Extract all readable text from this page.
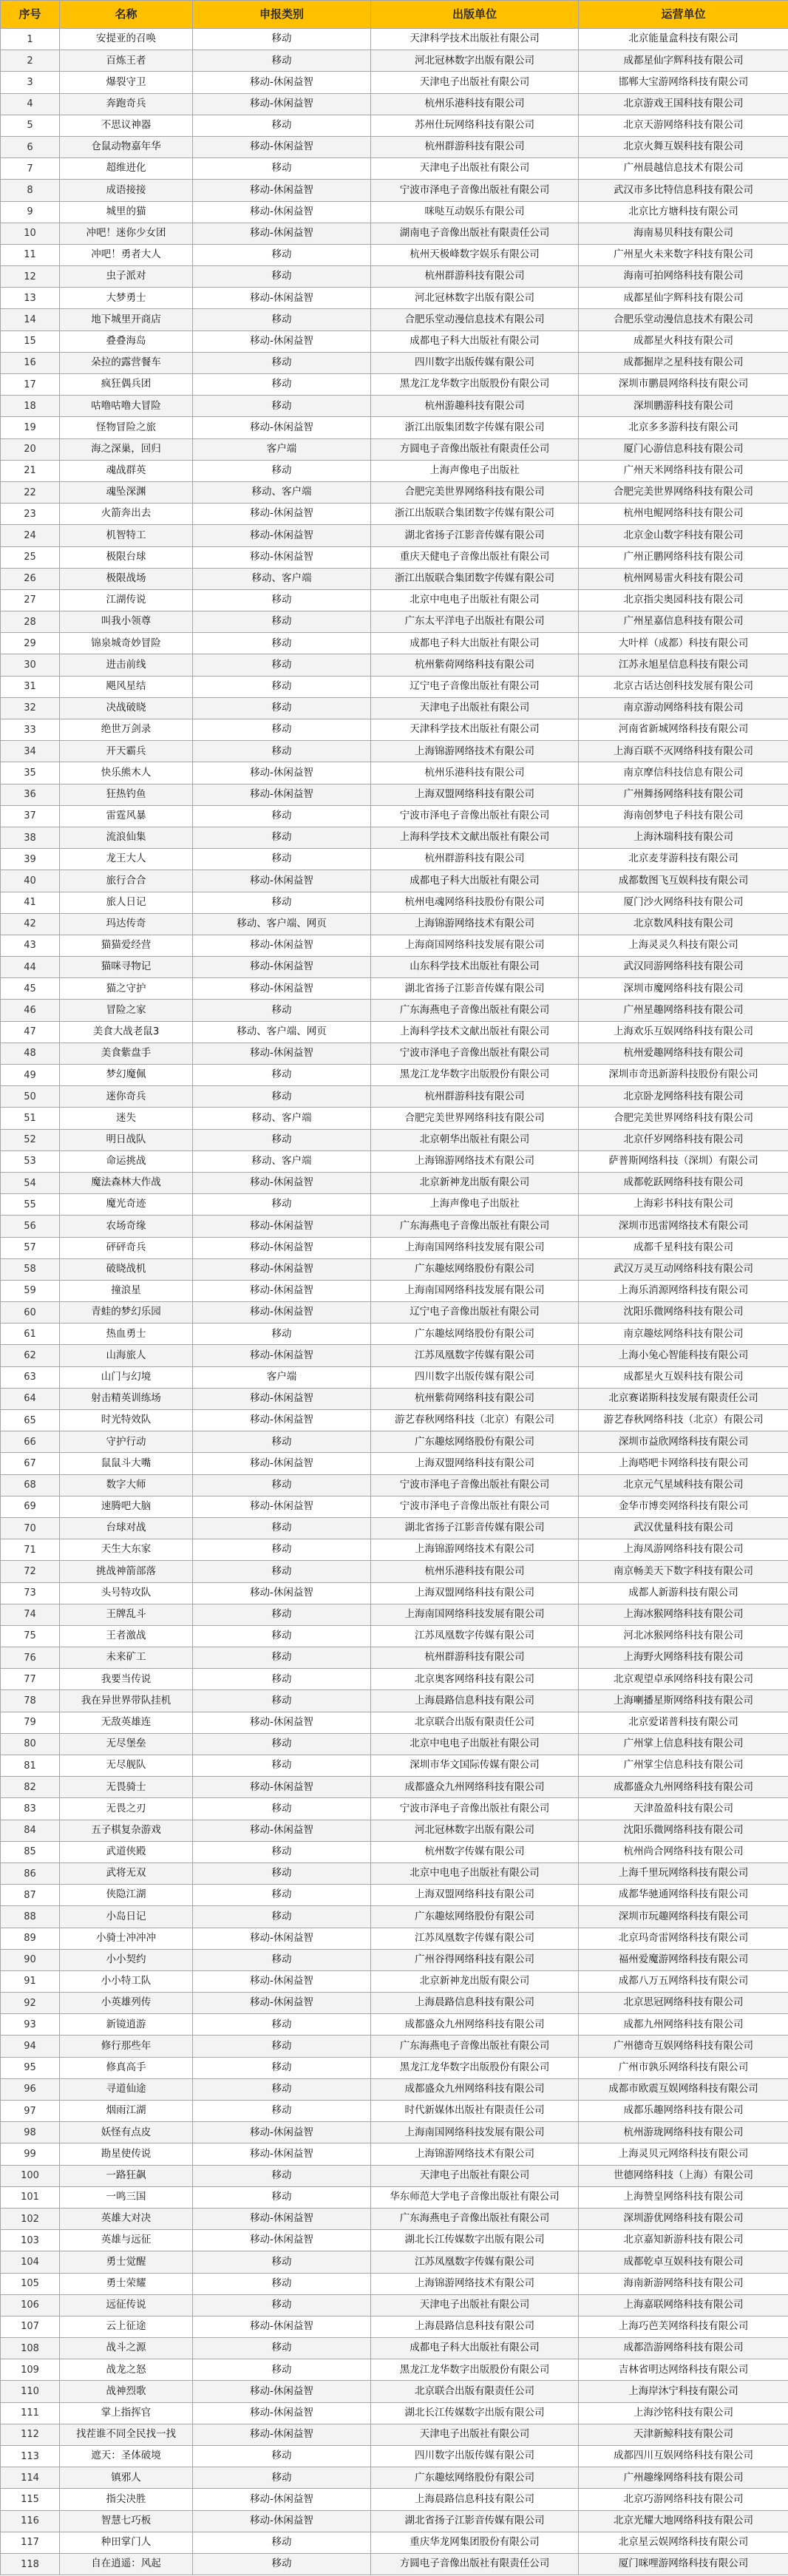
序号	名称	申报类别	出版单位	运营单位
1	安提亚的召唤	移动	天津科学技术出版社有限公司	北京能量盒科技有限公司
2	百炼王者	移动	河北冠林数字出版有限公司	成都星仙字辉科技有限公司
3	爆裂守卫	移动-休闲益智	天津电子出版社有限公司	邯郸大宝游网络科技有限公司
4	奔跑奇兵	移动-休闲益智	杭州乐港科技有限公司	北京游戏王国科技有限公司
5	不思议神器	移动	苏州仕玩网络科技有限公司	北京天游网络科技有限公司
6	仓鼠动物嘉年华	移动-休闲益智	杭州群游科技有限公司	北京火舞互娱科技有限公司
7	超维进化	移动	天津电子出版社有限公司	广州晨越信息技术有限公司
8	成语接接	移动-休闲益智	宁波市泽电子音像出版社有限公司	武汉市多比特信息科技有限公司
9	城里的猫	移动-休闲益智	咪哒互动娱乐有限公司	北京比方塘科技有限公司
10	冲吧！迷你少女团	移动-休闲益智	湖南电子音像出版社有限责任公司	海南易贝科技有限公司
11	冲吧！勇者大人	移动	杭州天极峰数字娱乐有限公司	广州星火未来数字科技有限公司
12	虫子派对	移动	杭州群游科技有限公司	海南可拍网络科技有限公司
13	大梦勇士	移动-休闲益智	河北冠林数字出版有限公司	成都星仙字辉科技有限公司
14	地下城里开商店	移动	合肥乐堂动漫信息技术有限公司	合肥乐堂动漫信息技术有限公司
15	叠叠海岛	移动-休闲益智	成都电子科大出版社有限公司	成都星火科技有限公司
16	朵拉的露营餐车	移动	四川数字出版传媒有限公司	成都掘岸之星科技有限公司
17	疯狂偶兵团	移动	黑龙江龙华数字出版股份有限公司	深圳市鹏晨网络科技有限公司
18	咕噜咕噜大冒险	移动	杭州游趣科技有限公司	深圳鹏游科技有限公司
19	怪物冒险之旅	移动-休闲益智	浙江出版集团数字传媒有限公司	北京多多游科技有限公司
20	海之深巢，回归	客户端	方圆电子音像出版社有限责任公司	厦门心游信息科技有限公司
21	魂战群英	移动	上海声像电子出版社	广州天米网络科技有限公司
22	魂坠深渊	移动、客户端	合肥完美世界网络科技有限公司	合肥完美世界网络科技有限公司
23	火箭奔出去	移动-休闲益智	浙江出版联合集团数字传媒有限公司	杭州电鲲网络科技有限公司
24	机智特工	移动-休闲益智	湖北省扬子江影音传媒有限公司	北京金山数字科技有限公司
25	极限台球	移动-休闲益智	重庆天健电子音像出版社有限公司	广州正鹏网络科技有限公司
26	极限战场	移动、客户端	浙江出版联合集团数字传媒有限公司	杭州网易雷火科技有限公司
27	江湖传说	移动	北京中电电子出版社有限公司	北京指尖奥园科技有限公司
28	叫我小领尊	移动	广东太平洋电子出版社有限公司	广州星嘉信息科技有限公司
29	锦泉城奇妙冒险	移动	成都电子科大出版社有限公司	大叶样（成都）科技有限公司
30	进击前线	移动	杭州紫荷网络科技有限公司	江苏永旭星信息科技有限公司
31	飓风星结	移动	辽宁电子音像出版社有限公司	北京古话达创科技发展有限公司
32	决战破晓	移动	天津电子出版社有限公司	南京游动网络科技有限公司
33	绝世万剑录	移动	天津科学技术出版社有限公司	河南省新城网络科技有限公司
34	开天霸兵	移动	上海锦游网络技术有限公司	上海百联不灭网络科技有限公司
35	快乐熊木人	移动-休闲益智	杭州乐港科技有限公司	南京摩信科技信息有限公司
36	狂热钓鱼	移动-休闲益智	上海双盟网络科技有限公司	广州舞扬网络科技有限公司
37	雷霆风暴	移动	宁波市泽电子音像出版社有限公司	海南创梦电子科技有限公司
38	流浪仙集	移动	上海科学技术文献出版社有限公司	上海沐瑞科技有限公司
39	龙王大人	移动	杭州群游科技有限公司	北京麦芽游科技有限公司
40	旅行合合	移动-休闲益智	成都电子科大出版社有限公司	成都数图飞互娱科技有限公司
41	旅人日记	移动	杭州电魂网络科技股份有限公司	厦门沙火网络科技有限公司
42	玛达传奇	移动、客户端、网页	上海锦游网络技术有限公司	北京数风科技有限公司
43	猫猫爱经营	移动-休闲益智	上海商国网络科技发展有限公司	上海灵灵久科技有限公司
44	猫咪寻物记	移动-休闲益智	山东科学技术出版社有限公司	武汉同游网络科技有限公司
45	猫之守护	移动-休闲益智	湖北省扬子江影音传媒有限公司	深圳市魔网络科技有限公司
46	冒险之家	移动	广东海燕电子音像出版社有限公司	广州星趣网络科技有限公司
47	美食大战老鼠3	移动、客户端、网页	上海科学技术文献出版社有限公司	上海欢乐互娱网络科技有限公司
48	美食紫盘手	移动-休闲益智	宁波市泽电子音像出版社有限公司	杭州爱趣网络科技有限公司
49	梦幻魔佩	移动	黑龙江龙华数字出版股份有限公司	深圳市奇迅新游科技股份有限公司
50	迷你奇兵	移动	杭州群游科技有限公司	北京卧龙网络科技有限公司
51	迷失	移动、客户端	合肥完美世界网络科技有限公司	合肥完美世界网络科技有限公司
52	明日战队	移动	北京朝华出版社有限公司	北京仟岁网络科技有限公司
53	命运挑战	移动、客户端	上海锦游网络技术有限公司	萨普斯网络科技（深圳）有限公司
54	魔法森林大作战	移动-休闲益智	北京新神龙出版有限公司	成都乾跃网络科技有限公司
55	魔光奇迹	移动	上海声像电子出版社	上海彩书科技有限公司
56	农场奇缘	移动-休闲益智	广东海燕电子音像出版社有限公司	深圳市迅雷网络技术有限公司
57	砰砰奇兵	移动-休闲益智	上海南国网络科技发展有限公司	成都千星科技有限公司
58	破晓战机	移动-休闲益智	广东趣炫网络股份有限公司	武汉万灵互动网络科技有限公司
59	撞浪星	移动-休闲益智	上海南国网络科技发展有限公司	上海乐消源网络科技有限公司
60	青蛙的梦幻乐园	移动-休闲益智	辽宁电子音像出版社有限公司	沈阳乐微网络科技有限公司
61	热血勇士	移动	广东趣炫网络股份有限公司	南京趣炫网络科技有限公司
62	山海旅人	移动-休闲益智	江苏凤凰数字传媒有限公司	上海小兔心智能科技有限公司
63	山门与幻境	客户端	四川数字出版传媒有限公司	成都星火互娱科技有限公司
64	射击精英训练场	移动-休闲益智	杭州紫荷网络科技有限公司	北京赛诺斯科技发展有限责任公司
65	时光特效队	移动-休闲益智	游艺春秋网络科技（北京）有限公司	游艺春秋网络科技（北京）有限公司
66	守护行动	移动	广东趣炫网络股份有限公司	深圳市益欣网络科技有限公司
67	鼠鼠斗大嘴	移动-休闲益智	上海双盟网络科技有限公司	上海嗒吧卡网络科技有限公司
68	数字大师	移动	宁波市泽电子音像出版社有限公司	北京元气星域科技有限公司
69	速腾吧大脑	移动-休闲益智	宁波市泽电子音像出版社有限公司	金华市博奕网络科技有限公司
70	台球对战	移动	湖北省扬子江影音传媒有限公司	武汉优量科技有限公司
71	天生大东家	移动	上海锦游网络技术有限公司	上海凤游网络科技有限公司
72	挑战神箭部落	移动	杭州乐港科技有限公司	南京畅美天下数字科技有限公司
73	头号特攻队	移动-休闲益智	上海双盟网络科技有限公司	成都人新游科技有限公司
74	王牌乱斗	移动	上海南国网络科技发展有限公司	上海冰猴网络科技有限公司
75	王者激战	移动	江苏凤凰数字传媒有限公司	河北冰猴网络科技有限公司
76	未来矿工	移动	杭州群游科技有限公司	上海野火网络科技有限公司
77	我要当传说	移动	北京奥客网络科技有限公司	北京观望卓承网络科技有限公司
78	我在异世界带队挂机	移动	上海晨路信息科技有限公司	上海喇播星斯网络科技有限公司
79	无敌英雄连	移动-休闲益智	北京联合出版有限责任公司	北京爱诺普科技有限公司
80	无尽堡垒	移动	北京中电电子出版社有限公司	广州掌上信息科技有限公司
81	无尽舰队	移动	深圳市华文国际传媒有限公司	广州掌尘信息科技有限公司
82	无畏骑士	移动-休闲益智	成都盛众九州网络科技有限公司	成都盛众九州网络科技有限公司
83	无畏之刃	移动	宁波市泽电子音像出版社有限公司	天津盈盈科技有限公司
84	五子棋复杂游戏	移动-休闲益智	河北冠林数字出版有限公司	沈阳乐微网络科技有限公司
85	武道侠殿	移动	杭州数字传媒有限公司	杭州尚合网络科技有限公司
86	武将无双	移动	北京中电电子出版社有限公司	上海千里玩网络科技有限公司
87	侠隐江湖	移动	上海双盟网络科技有限公司	成都华驰通网络科技有限公司
88	小岛日记	移动	广东趣炫网络股份有限公司	深圳市玩趣网络科技有限公司
89	小骑士冲冲冲	移动-休闲益智	江苏凤凰数字传媒有限公司	北京玛奇雷网络科技有限公司
90	小小契约	移动	广州谷得网络科技有限公司	福州爱魔游网络科技有限公司
91	小小特工队	移动-休闲益智	北京新神龙出版有限公司	成都八万五网络科技有限公司
92	小英雄列传	移动-休闲益智	上海晨路信息科技有限公司	北京思冠网络科技有限公司
93	新镜逍游	移动	成都盛众九州网络科技有限公司	成都九州网络科技有限公司
94	修行那些年	移动	广东海燕电子音像出版社有限公司	广州德奇互娱网络科技有限公司
95	修真高手	移动	黑龙江龙华数字出版股份有限公司	广州市孰乐网络科技有限公司
96	寻道仙途	移动	成都盛众九州网络科技有限公司	成都市欧震互娱网络科技有限公司
97	烟雨江湖	移动	时代新媒体出版社有限责任公司	成都乐趣网络科技有限公司
98	妖怪有点皮	移动-休闲益智	上海南国网络科技发展有限公司	杭州游珑网络科技有限公司
99	勘星使传说	移动-休闲益智	上海锦游网络技术有限公司	上海灵贝元网络科技有限公司
100	一路狂飙	移动	天津电子出版社有限公司	世德网络科技（上海）有限公司
101	一鸣三国	移动	华东师范大学电子音像出版社有限公司	上海赞皇网络科技有限公司
102	英雄大对决	移动-休闲益智	广东海燕电子音像出版社有限公司	深圳游优网络科技有限公司
103	英雄与远征	移动-休闲益智	湖北长江传媒数字出版有限公司	北京嘉知新游科技有限公司
104	勇士觉醒	移动	江苏凤凰数字传媒有限公司	成都乾卓互娱科技有限公司
105	勇士荣耀	移动	上海锦游网络技术有限公司	海南新游网络科技有限公司
106	远征传说	移动	天津电子出版社有限公司	上海嘉联网络科技有限公司
107	云上征途	移动-休闲益智	上海晨路信息科技有限公司	上海巧芭芙网络科技有限公司
108	战斗之源	移动	成都电子科大出版社有限公司	成都浩游网络科技有限公司
109	战龙之怒	移动	黑龙江龙华数字出版股份有限公司	吉林省明达网络科技有限公司
110	战神烈歌	移动-休闲益智	北京联合出版有限责任公司	上海岸沐宁科技有限公司
111	掌上指挥官	移动-休闲益智	湖北长江传媒数字出版有限公司	上海沙铭科技有限公司
112	找茬谁不同全民找一找	移动-休闲益智	天津电子出版社有限公司	天津新鲸科技有限公司
113	遮天：圣体破境	移动	四川数字出版传媒有限公司	成都四川互娱网络科技有限公司
114	镇邪人	移动	广东趣炫网络股份有限公司	广州趣缘网络科技有限公司
115	指尖决胜	移动-休闲益智	上海晨路信息科技有限公司	北京巧游网络科技有限公司
116	智慧七巧板	移动-休闲益智	湖北省扬子江影音传媒有限公司	北京光耀大地网络科技有限公司
117	种田掌门人	移动	重庆华龙网集团股份有限公司	北京星云娱网络科技有限公司
118	自在逍遥：风起	移动	方圆电子音像出版社有限责任公司	厦门咪哩游网络科技有限公司
